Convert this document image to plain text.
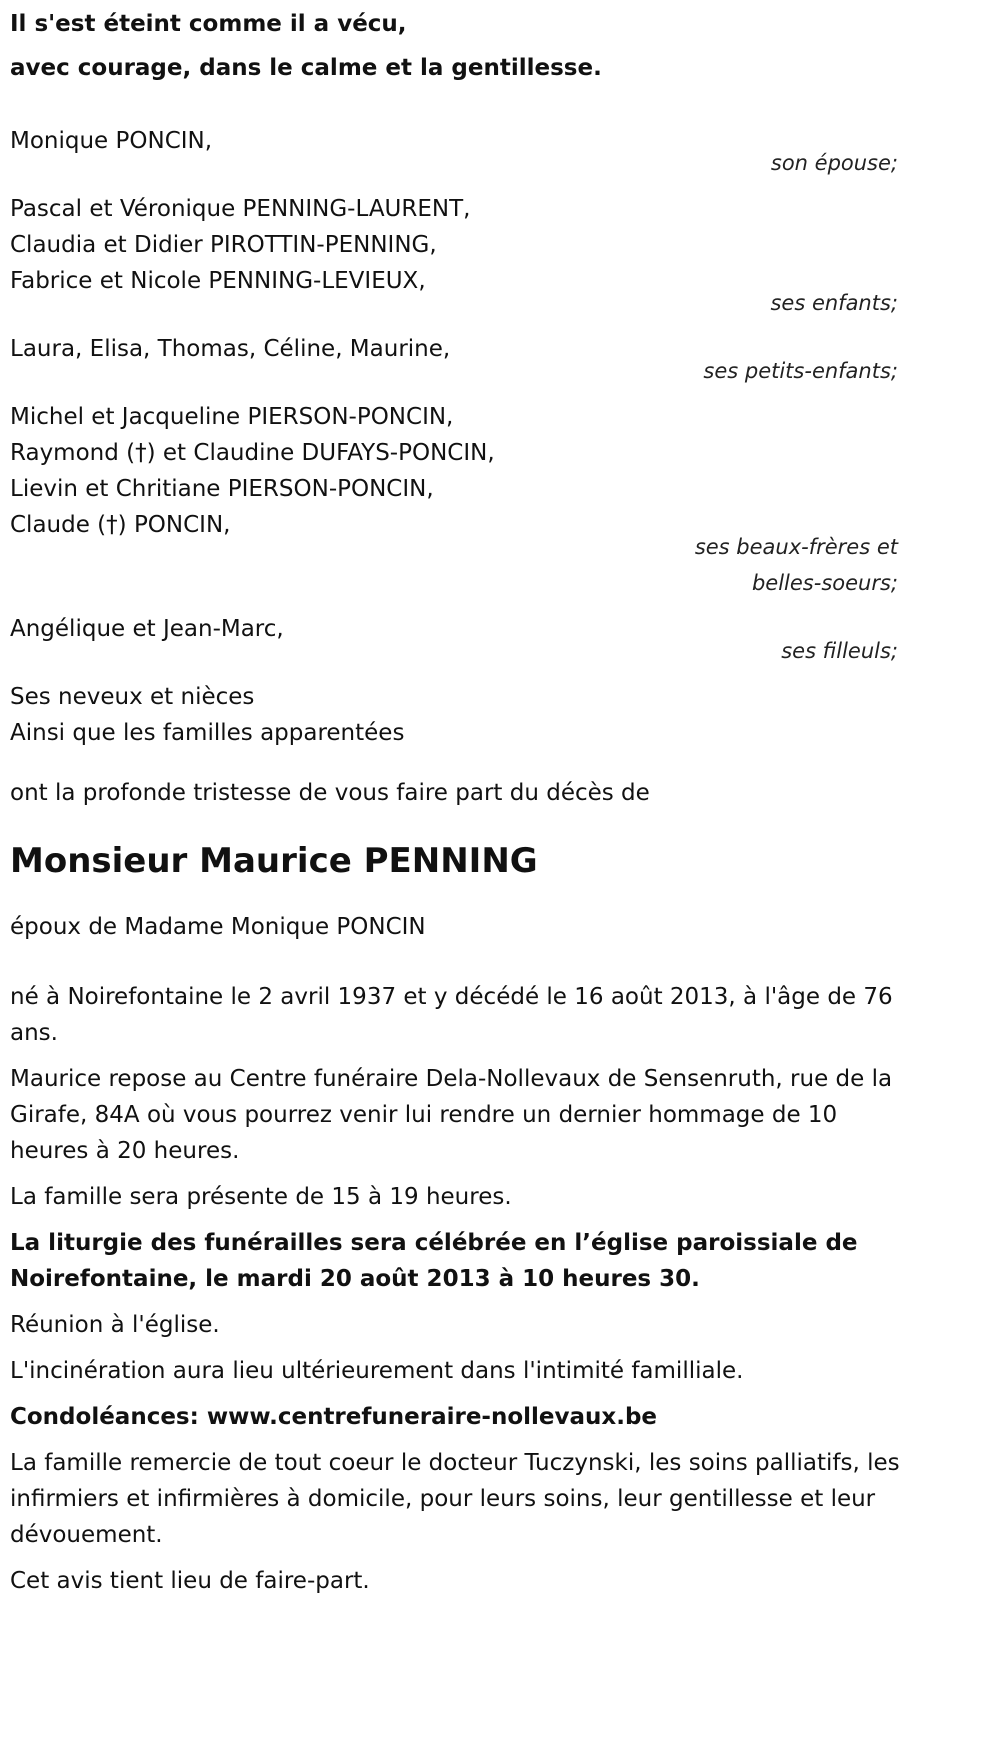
Il s'est éteint comme il a vécu,
avec courage, dans le calme et la gentillesse.
Monique PONCIN,
son épouse;
Pascal et Véronique PENNING-LAURENT,
Claudia et Didier PIROTTIN-PENNING,
Fabrice et Nicole PENNING-LEVIEUX,
ses enfants;
Laura, Elisa, Thomas, Céline, Maurine,
ses petits-enfants;
Michel et Jacqueline PIERSON-PONCIN,
Raymond (†) et Claudine DUFAYS-PONCIN,
Lievin et Chritiane PIERSON-PONCIN,
Claude (†) PONCIN,
ses beaux-frères et
belles-soeurs;
Angélique et Jean-Marc,
ses filleuls;
Ses neveux et nièces
Ainsi que les familles apparentées

ont la profonde tristesse de vous faire part du décès de

Monsieur Maurice PENNING

époux de Madame Monique PONCIN

né à Noirefontaine le 2 avril 1937 et y décédé le 16 août 2013, à l'âge de 76 ans.

Maurice repose au Centre funéraire Dela-Nollevaux de Sensenruth, rue de la Girafe, 84A où vous pourrez venir lui rendre un dernier hommage de 10 heures à 20 heures.

La famille sera présente de 15 à 19 heures.

La liturgie des funérailles sera célébrée en l’église paroissiale de Noirefontaine, le mardi 20 août 2013 à 10 heures 30.

Réunion à l'église.

L'incinération aura lieu ultérieurement dans l'intimité familliale.

Condoléances: www.centrefuneraire-nollevaux.be

La famille remercie de tout coeur le docteur Tuczynski, les soins palliatifs, les infirmiers et infirmières à domicile, pour leurs soins, leur gentillesse et leur dévouement.

Cet avis tient lieu de faire-part.
